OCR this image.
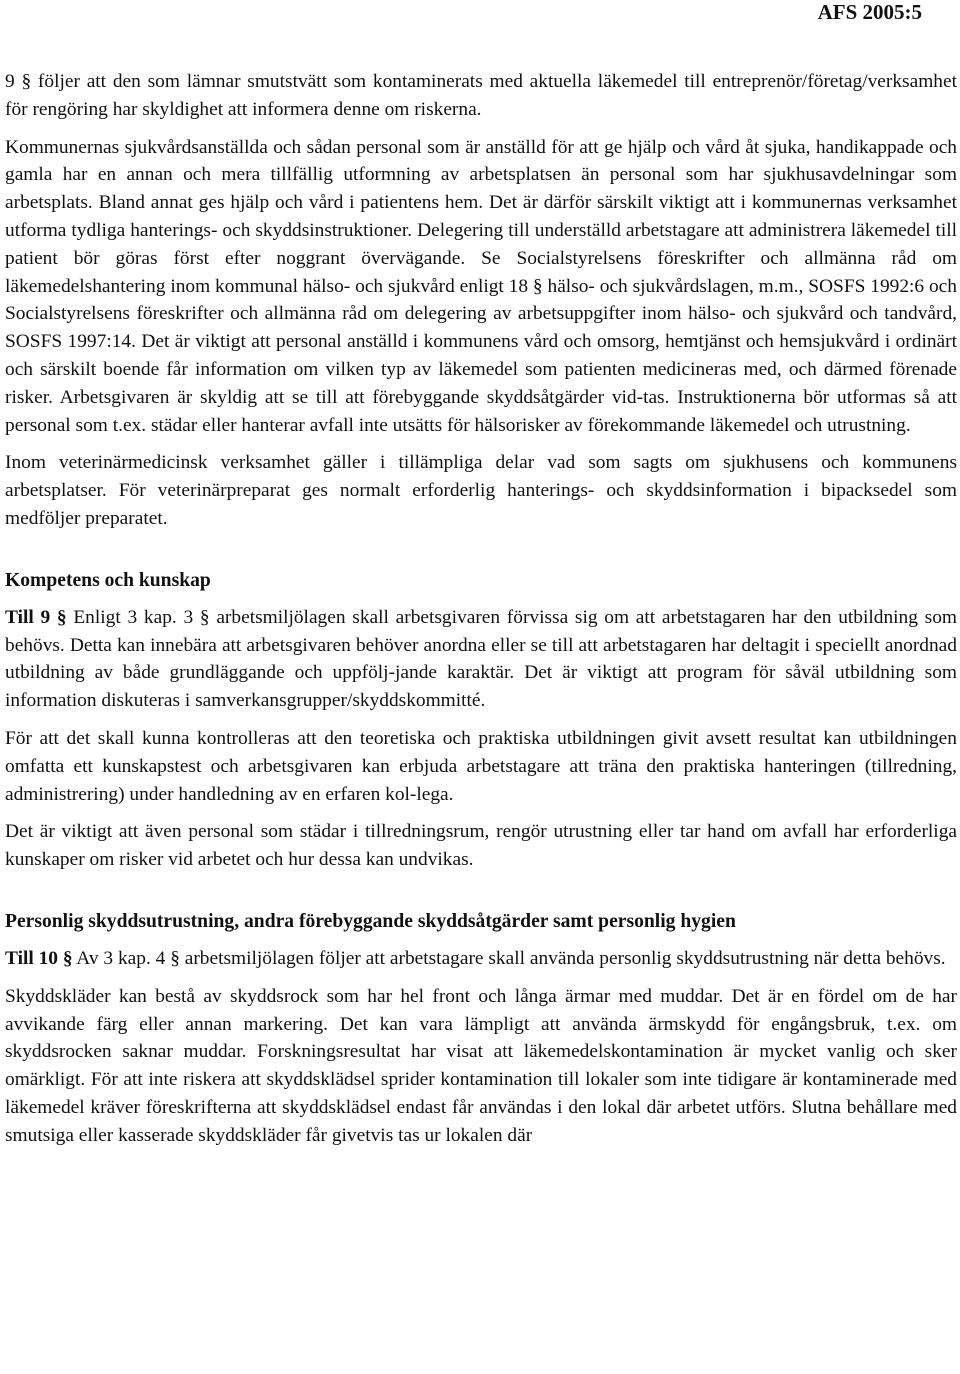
AFS 2005:5

9 § följer att den som lämnar smutstvätt som kontaminerats med aktuella läkemedel till entreprenör/företag/verksamhet för rengöring har skyldighet att informera denne om riskerna.

Kommunernas sjukvårdsanställda och sådan personal som är anställd för att ge hjälp och vård åt sjuka, handikappade och gamla har en annan och mera tillfällig utformning av arbetsplatsen än personal som har sjukhusavdelningar som arbetsplats. Bland annat ges hjälp och vård i patientens hem. Det är därför särskilt viktigt att i kommunernas verksamhet utforma tydliga hanterings- och skyddsinstruktioner. Delegering till underställd arbetstagare att administrera läkemedel till patient bör göras först efter noggrant övervägande. Se Socialstyrelsens föreskrifter och allmänna råd om läkemedelshantering inom kommunal hälso- och sjukvård enligt 18 § hälso- och sjukvårdslagen, m.m., SOSFS 1992:6 och Socialstyrelsens föreskrifter och allmänna råd om delegering av arbetsuppgifter inom hälso- och sjukvård och tandvård, SOSFS 1997:14. Det är viktigt att personal anställd i kommunens vård och omsorg, hemtjänst och hemsjukvård i ordinärt och särskilt boende får information om vilken typ av läkemedel som patienten medicineras med, och därmed förenade risker. Arbetsgivaren är skyldig att se till att förebyggande skyddsåtgärder vid-tas. Instruktionerna bör utformas så att personal som t.ex. städar eller hanterar avfall inte utsätts för hälsorisker av förekommande läkemedel och utrustning.

Inom veterinärmedicinsk verksamhet gäller i tillämpliga delar vad som sagts om sjukhusens och kommunens arbetsplatser. För veterinärpreparat ges normalt erforderlig hanterings- och skyddsinformation i bipacksedel som medföljer preparatet.

Kompetens och kunskap

Till 9 § Enligt 3 kap. 3 § arbetsmiljölagen skall arbetsgivaren förvissa sig om att arbetstagaren har den utbildning som behövs. Detta kan innebära att arbetsgivaren behöver anordna eller se till att arbetstagaren har deltagit i speciellt anordnad utbildning av både grundläggande och uppfölj-jande karaktär. Det är viktigt att program för såväl utbildning som information diskuteras i samverkansgrupper/skyddskommitté.

För att det skall kunna kontrolleras att den teoretiska och praktiska utbildningen givit avsett resultat kan utbildningen omfatta ett kunskapstest och arbetsgivaren kan erbjuda arbetstagare att träna den praktiska hanteringen (tillredning, administrering) under handledning av en erfaren kol-lega.

Det är viktigt att även personal som städar i tillredningsrum, rengör utrustning eller tar hand om avfall har erforderliga kunskaper om risker vid arbetet och hur dessa kan undvikas.

Personlig skyddsutrustning, andra förebyggande skyddsåtgärder samt personlig hygien

Till 10 § Av 3 kap. 4 § arbetsmiljölagen följer att arbetstagare skall använda personlig skyddsutrustning när detta behövs.

Skyddskläder kan bestå av skyddsrock som har hel front och långa ärmar med muddar. Det är en fördel om de har avvikande färg eller annan markering. Det kan vara lämpligt att använda ärmskydd för engångsbruk, t.ex. om skyddsrocken saknar muddar. Forskningsresultat har visat att läkemedelskontamination är mycket vanlig och sker omärkligt. För att inte riskera att skyddsklädsel sprider kontamination till lokaler som inte tidigare är kontaminerade med läkemedel kräver föreskrifterna att skyddsklädsel endast får användas i den lokal där arbetet utförs. Slutna behållare med smutsiga eller kasserade skyddskläder får givetvis tas ur lokalen där
